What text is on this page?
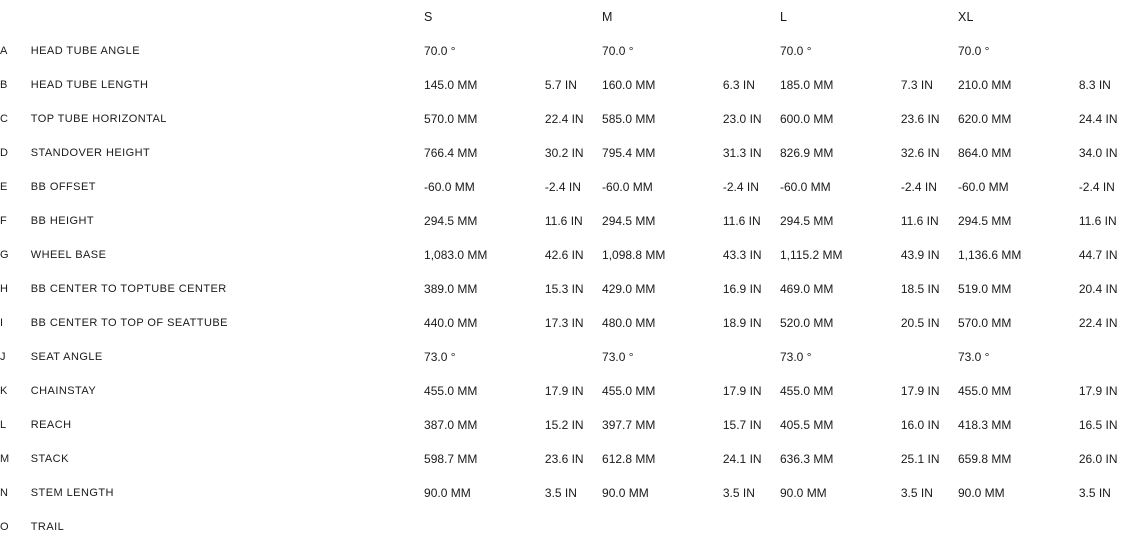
		S		M		L		XL	
A	HEAD TUBE ANGLE	70.0 °		70.0 °		70.0 °		70.0 °	
B	HEAD TUBE LENGTH	145.0 MM	5.7 IN	160.0 MM	6.3 IN	185.0 MM	7.3 IN	210.0 MM	8.3 IN
C	TOP TUBE HORIZONTAL	570.0 MM	22.4 IN	585.0 MM	23.0 IN	600.0 MM	23.6 IN	620.0 MM	24.4 IN
D	STANDOVER HEIGHT	766.4 MM	30.2 IN	795.4 MM	31.3 IN	826.9 MM	32.6 IN	864.0 MM	34.0 IN
E	BB OFFSET	-60.0 MM	-2.4 IN	-60.0 MM	-2.4 IN	-60.0 MM	-2.4 IN	-60.0 MM	-2.4 IN
F	BB HEIGHT	294.5 MM	11.6 IN	294.5 MM	11.6 IN	294.5 MM	11.6 IN	294.5 MM	11.6 IN
G	WHEEL BASE	1,083.0 MM	42.6 IN	1,098.8 MM	43.3 IN	1,115.2 MM	43.9 IN	1,136.6 MM	44.7 IN
H	BB CENTER TO TOPTUBE CENTER	389.0 MM	15.3 IN	429.0 MM	16.9 IN	469.0 MM	18.5 IN	519.0 MM	20.4 IN
I	BB CENTER TO TOP OF SEATTUBE	440.0 MM	17.3 IN	480.0 MM	18.9 IN	520.0 MM	20.5 IN	570.0 MM	22.4 IN
J	SEAT ANGLE	73.0 °		73.0 °		73.0 °		73.0 °	
K	CHAINSTAY	455.0 MM	17.9 IN	455.0 MM	17.9 IN	455.0 MM	17.9 IN	455.0 MM	17.9 IN
L	REACH	387.0 MM	15.2 IN	397.7 MM	15.7 IN	405.5 MM	16.0 IN	418.3 MM	16.5 IN
M	STACK	598.7 MM	23.6 IN	612.8 MM	24.1 IN	636.3 MM	25.1 IN	659.8 MM	26.0 IN
N	STEM LENGTH	90.0 MM	3.5 IN	90.0 MM	3.5 IN	90.0 MM	3.5 IN	90.0 MM	3.5 IN
O	TRAIL								
